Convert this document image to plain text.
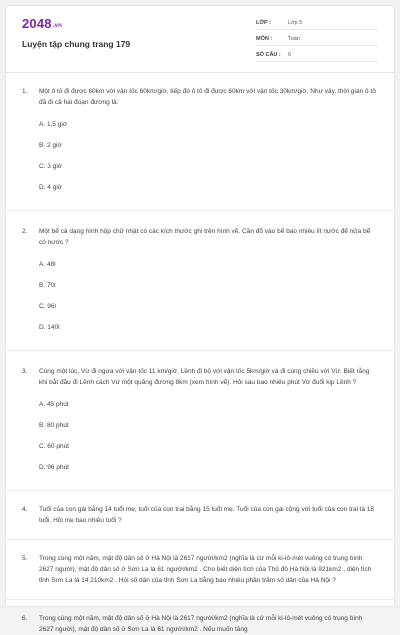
2048.vn
Luyện tập chung trang 179
LỚP :	Lớp 5
MÔN :	Toán
SỐ CÂU :	6
1.	Một ô tô đi được 60km với vận tốc 60km/giờ, tiếp đó ô tô đi được 60km với vận tốc 30km/giờ. Như vậy, thời gian ô tô đã đi cả hai đoạn đường là:

A. 1,5 giờ
B. 2 giờ
C. 3 giờ
D. 4 giờ
2.	Một bể cá dạng hình hộp chữ nhật có các kích thước ghi trên hình vẽ. Cần đổ vào bể bao nhiêu lít nước để nửa bể có nước ?

A. 48l
B. 70l
C. 96l
D. 140l
3.	Cùng một lúc, Vừ đi ngựa với vận tốc 11 km/giờ, Lềnh đi bộ với vận tốc 5km/giờ và đi cùng chiều với Vừ. Biết rằng khi bắt đầu đi Lềnh cách Vừ một quãng đường 8km (xem hình vẽ). Hỏi sau bao nhiêu phút Vừ đuổi kịp Lềnh ?

A. 45 phút
B. 80 phút
C. 60 phút
D. 96 phút
4.	Tuổi của con gái bằng 14 tuổi mẹ, tuổi của con trai bằng 15 tuổi mẹ. Tuổi của con gái cộng với tuổi của con trai là 18 tuổi. Hỏi mẹ bao nhiêu tuổi ?

5.	Trong cùng một năm, mật độ dân số ở Hà Nội là 2617 người/km2 (nghĩa là cứ mỗi ki-lô-mét vuông có trung bình 2627 người), mật độ dân số ở Sơn La là 61 người/km2 . Cho biết diện tích của Thủ đô Hà Nội là 921km2 , diện tích tỉnh Sơn La là 14 210km2 . Hỏi số dân của tỉnh Sơn La bằng bao nhiêu phần trăm số dân của Hà Nội ?

6.	Trong cùng một năm, mật độ dân số ở Hà Nội là 2617 người/km2 (nghĩa là cứ mỗi ki-lô-mét vuông có trung bình 2627 người), mật độ dân số ở Sơn La là 61 người/km2 . Nếu muốn tăng
